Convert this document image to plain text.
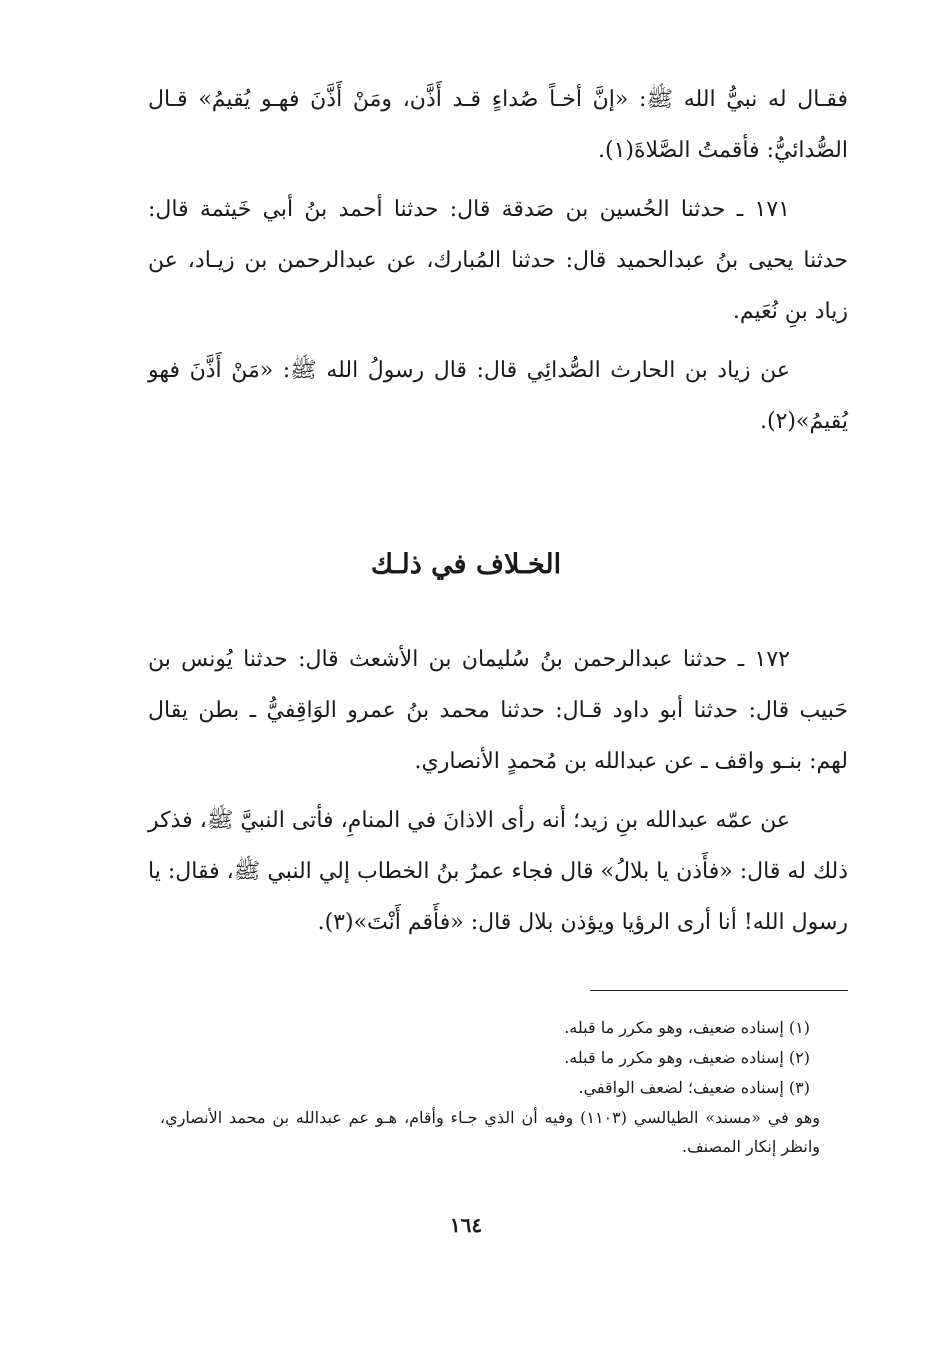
فقـال له نبيُّ الله ﷺ: «إنَّ أخـاً صُداءٍ قـد أَذَّن، ومَنْ أَذَّنَ فهـو يُقيمُ» قـال الصُّدائيُّ: فأقمتُ الصَّلاةَ(١).

١٧١ ـ حدثنا الحُسين بن صَدقة قال: حدثنا أحمد بنُ أبي خَيثمة قال: حدثنا يحيى بنُ عبدالحميد قال: حدثنا المُبارك، عن عبدالرحمن بن زيـاد، عن زياد بنِ نُعَيم.

عن زياد بن الحارث الصُّدائِي قال: قال رسولُ الله ﷺ: «مَنْ أَذَّنَ فهو يُقيمُ»(٢).

الخـلاف في ذلـك

١٧٢ ـ حدثنا عبدالرحمن بنُ سُليمان بن الأشعث قال: حدثنا يُونس بن حَبيب قال: حدثنا أبو داود قـال: حدثنا محمد بنُ عمرو الوَاقِفيُّ ـ بطن يقال لهم: بنـو واقف ـ عن عبدالله بن مُحمدٍ الأنصاري.

عن عمّه عبدالله بنِ زيد؛ أنه رأى الاذانَ في المنامِ، فأتى النبيَّ ﷺ، فذكر ذلك له قال: «فأَذن يا بلالُ» قال فجاء عمرُ بنُ الخطاب إلي النبي ﷺ، فقال: يا رسول الله! أنا أرى الرؤيا ويؤذن بلال قال: «فأَقم أَنْتَ»(٣).

(١) إسناده ضعيف، وهو مكرر ما قبله.

(٢) إسناده ضعيف، وهو مكرر ما قبله.

(٣) إسناده ضعيف؛ لضعف الواقفي.

وهو في «مسند» الطيالسي (١١٠٣) وفيه أن الذي جـاء وأقام، هـو عم عبدالله بن محمد الأنصاري، وانظر إنكار المصنف.

١٦٤
